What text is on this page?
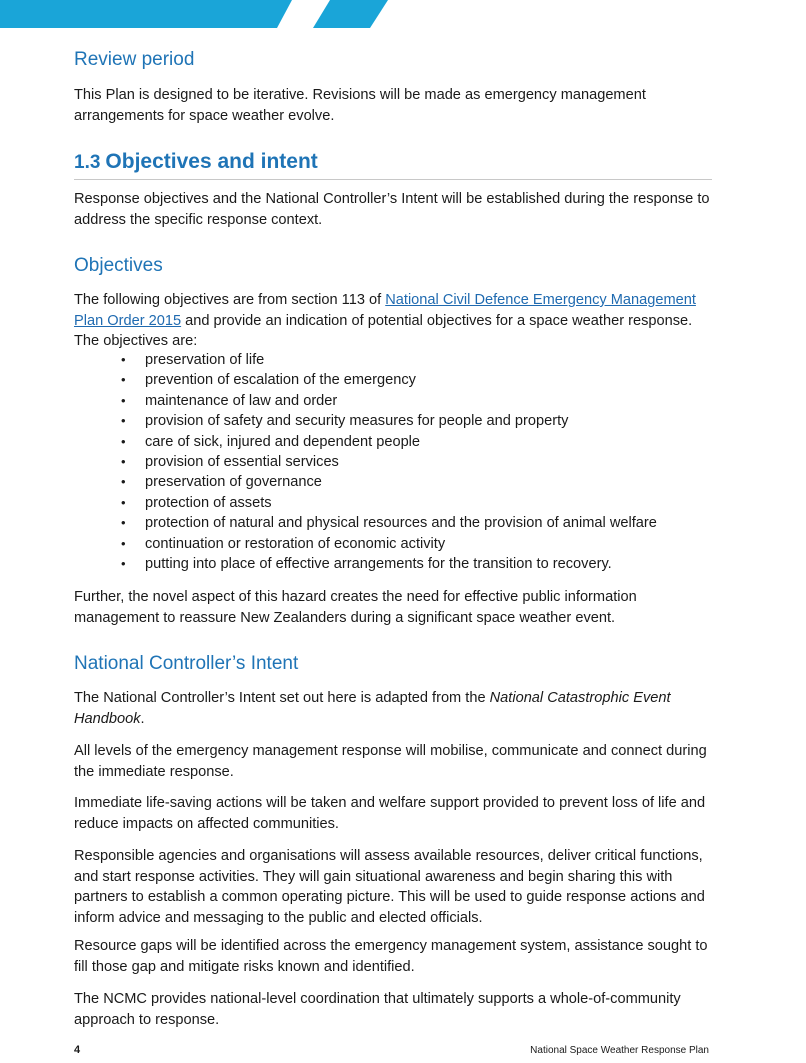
Review period
This Plan is designed to be iterative. Revisions will be made as emergency management arrangements for space weather evolve.
1.3 Objectives and intent
Response objectives and the National Controller’s Intent will be established during the response to address the specific response context.
Objectives
The following objectives are from section 113 of National Civil Defence Emergency Management Plan Order 2015 and provide an indication of potential objectives for a space weather response. The objectives are:
• preservation of life
• prevention of escalation of the emergency
• maintenance of law and order
• provision of safety and security measures for people and property
• care of sick, injured and dependent people
• provision of essential services
• preservation of governance
• protection of assets
• protection of natural and physical resources and the provision of animal welfare
• continuation or restoration of economic activity
• putting into place of effective arrangements for the transition to recovery.
Further, the novel aspect of this hazard creates the need for effective public information management to reassure New Zealanders during a significant space weather event.
National Controller’s Intent
The National Controller’s Intent set out here is adapted from the National Catastrophic Event Handbook.
All levels of the emergency management response will mobilise, communicate and connect during the immediate response.
Immediate life-saving actions will be taken and welfare support provided to prevent loss of life and reduce impacts on affected communities.
Responsible agencies and organisations will assess available resources, deliver critical functions, and start response activities. They will gain situational awareness and begin sharing this with partners to establish a common operating picture. This will be used to guide response actions and inform advice and messaging to the public and elected officials.
Resource gaps will be identified across the emergency management system, assistance sought to fill those gap and mitigate risks known and identified.
The NCMC provides national-level coordination that ultimately supports a whole-of-community approach to response.
4	National Space Weather Response Plan
